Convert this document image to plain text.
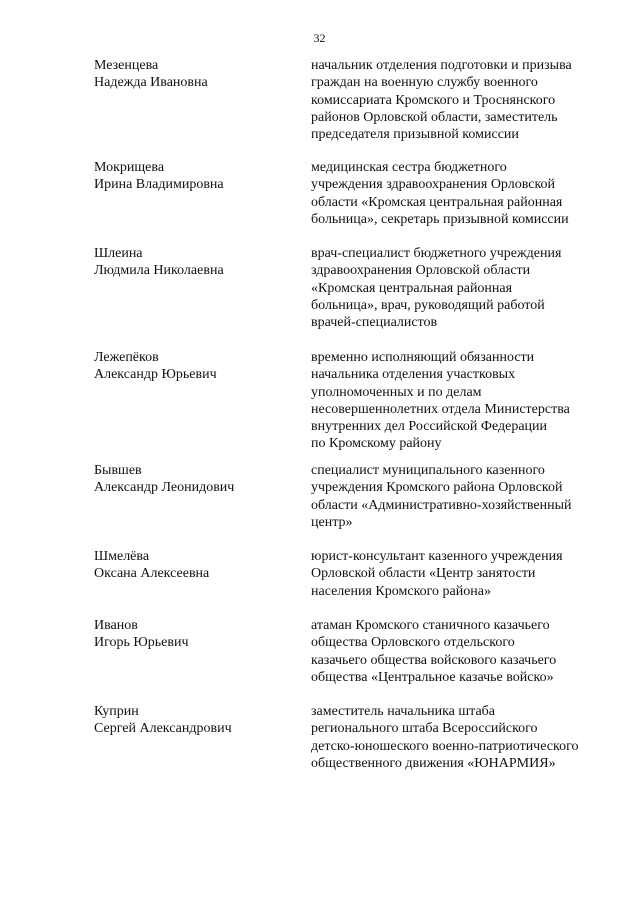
32
Мезенцева
Надежда Ивановна
начальник отделения подготовки и призыва
граждан на военную службу военного
комиссариата Кромского и Троснянского
районов Орловской области, заместитель
председателя призывной комиссии
Мокрищева
Ирина Владимировна
медицинская сестра бюджетного
учреждения здравоохранения Орловской
области «Кромская центральная районная
больница», секретарь призывной комиссии
Шлеина
Людмила Николаевна
врач-специалист бюджетного учреждения
здравоохранения Орловской области
«Кромская центральная районная
больница», врач, руководящий работой
врачей-специалистов
Лежепёков
Александр Юрьевич
временно исполняющий обязанности
начальника отделения участковых
уполномоченных и по делам
несовершеннолетних отдела Министерства
внутренних дел Российской Федерации
по Кромскому району
Бывшев
Александр Леонидович
специалист муниципального казенного
учреждения Кромского района Орловской
области «Административно-хозяйственный
центр»
Шмелёва
Оксана Алексеевна
юрист-консультант казенного учреждения
Орловской области «Центр занятости
населения Кромского района»
Иванов
Игорь Юрьевич
атаман Кромского станичного казачьего
общества Орловского отдельского
казачьего общества войскового казачьего
общества «Центральное казачье войско»
Куприн
Сергей Александрович
заместитель начальника штаба
регионального штаба Всероссийского
детско-юношеского военно-патриотического
общественного движения «ЮНАРМИЯ»
